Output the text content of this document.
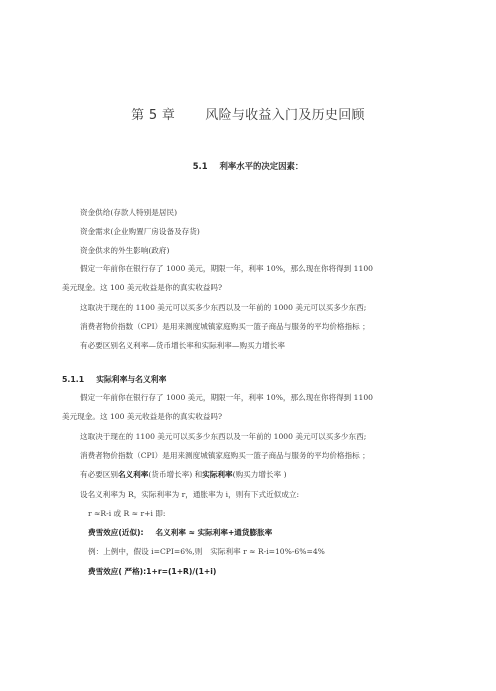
第 5 章 风险与收益入门及历史回顾
5.1 利率水平的决定因素：
资金供给(存款人特别是居民)
资金需求(企业购置厂房设备及存货)
资金供求的外生影响(政府)
假定一年前你在银行存了 1000 美元，期限一年，利率 10%，那么现在你将得到 1100
美元现金。这 100 美元收益是你的真实收益吗?
这取决于现在的 1100 美元可以买多少东西以及一年前的 1000 美元可以买多少东西;
消费者物价指数（CPI）是用来测度城镇家庭购买一篮子商品与服务的平均价格指标 ；
有必要区别名义利率—货币增长率和实际利率—购买力增长率
5.1.1 实际利率与名义利率
假定一年前你在银行存了 1000 美元，期限一年，利率 10%，那么现在你将得到 1100
美元现金。这 100 美元收益是你的真实收益吗?
这取决于现在的 1100 美元可以买多少东西以及一年前的 1000 美元可以买多少东西;
消费者物价指数（CPI）是用来测度城镇家庭购买一篮子商品与服务的平均价格指标 ；
有必要区别名义利率(货币增长率) 和实际利率(购买力增长率 )
设名义利率为 R，实际利率为 r，通胀率为 i，则有下式近似成立:
r ≈R-i 或 R ≈ r+i 即:
费雪效应(近似): 名义利率 ≈ 实际利率+通货膨胀率
例：上例中，假设 i=CPI=6%,则 实际利率 r ≈ R-i=10%-6%=4%
费雪效应( 严格):1+r=(1+R)/(1+i)
